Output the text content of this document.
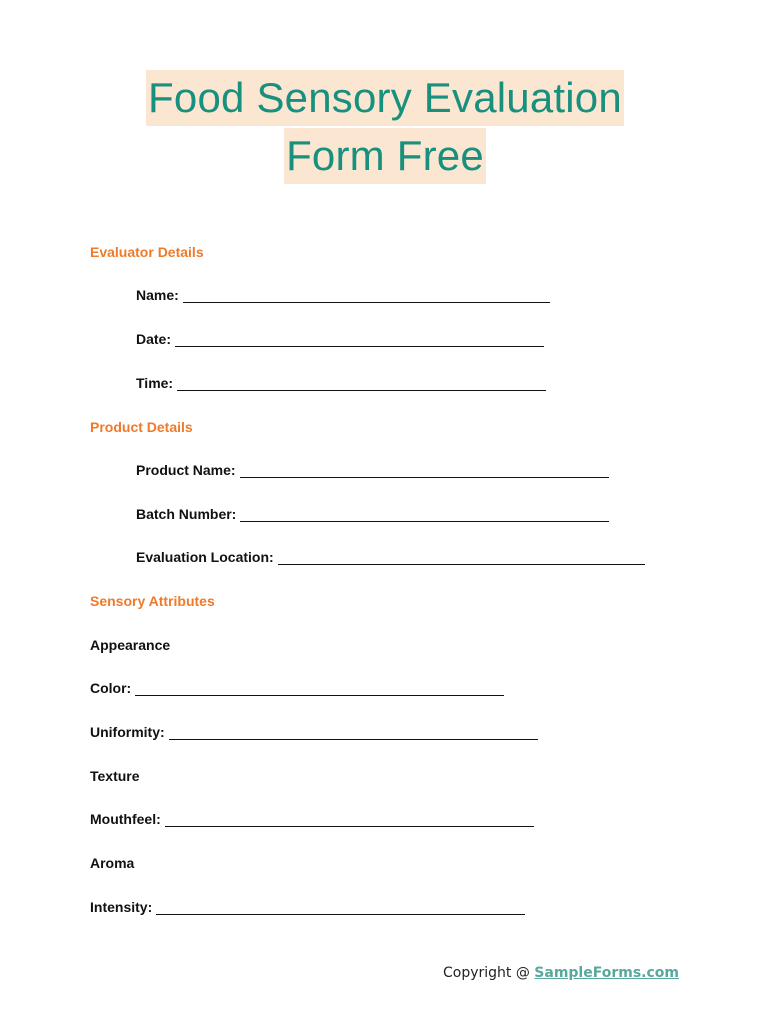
Food Sensory Evaluation
Form Free
Evaluator Details
Name:
Date:
Time:
Product Details
Product Name:
Batch Number:
Evaluation Location:
Sensory Attributes
Appearance
Color:
Uniformity:
Texture
Mouthfeel:
Aroma
Intensity:
Copyright @ SampleForms.com
